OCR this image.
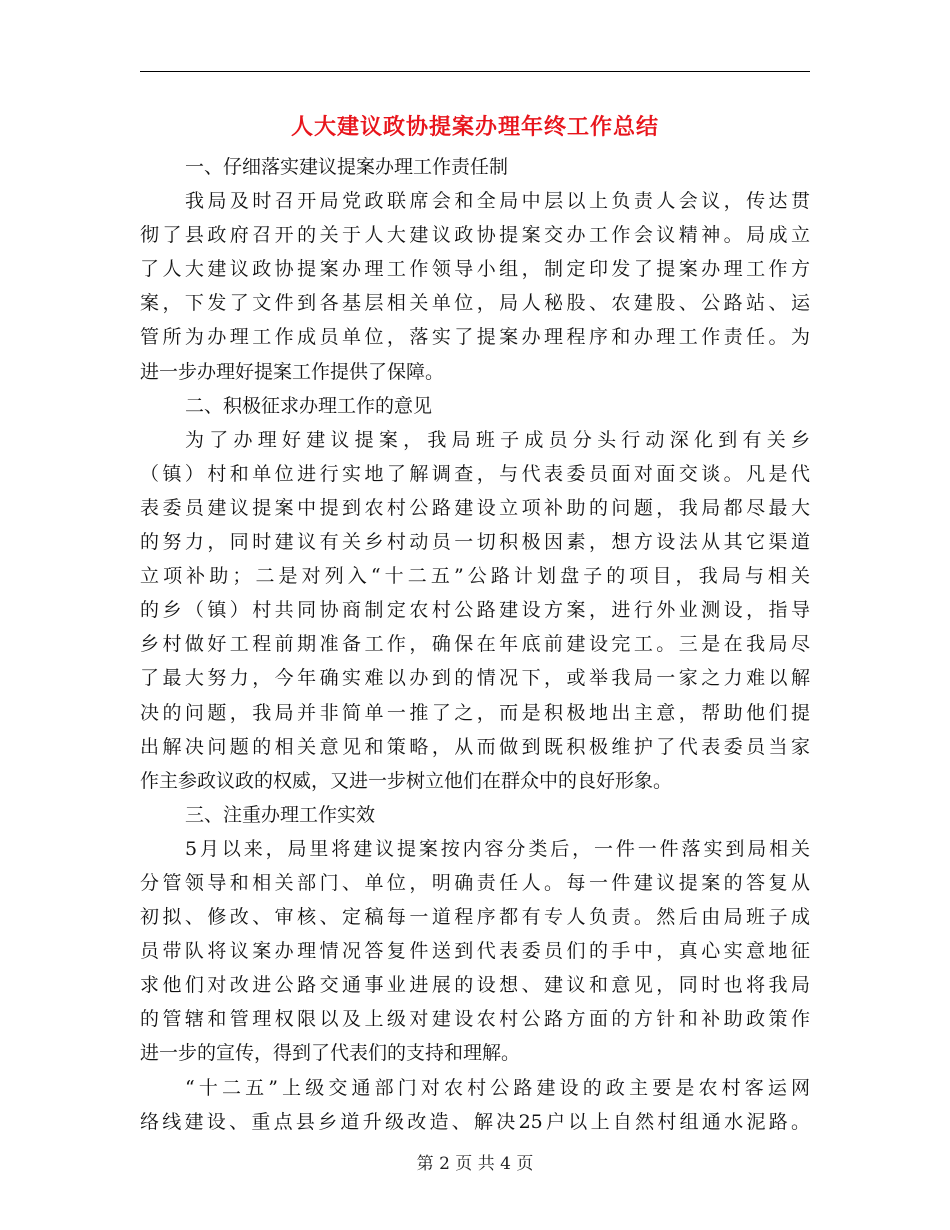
人大建议政协提案办理年终工作总结
一、仔细落实建议提案办理工作责任制
我局及时召开局党政联席会和全局中层以上负责人会议，传达贯
彻了县政府召开的关于人大建议政协提案交办工作会议精神。局成立
了人大建议政协提案办理工作领导小组，制定印发了提案办理工作方
案，下发了文件到各基层相关单位，局人秘股、农建股、公路站、运
管所为办理工作成员单位，落实了提案办理程序和办理工作责任。为
进一步办理好提案工作提供了保障。
二、积极征求办理工作的意见
为了办理好建议提案，我局班子成员分头行动深化到有关乡
（镇）村和单位进行实地了解调查，与代表委员面对面交谈。凡是代
表委员建议提案中提到农村公路建设立项补助的问题，我局都尽最大
的努力，同时建议有关乡村动员一切积极因素，想方设法从其它渠道
立项补助；二是对列入“十二五”公路计划盘子的项目，我局与相关
的乡（镇）村共同协商制定农村公路建设方案，进行外业测设，指导
乡村做好工程前期准备工作，确保在年底前建设完工。三是在我局尽
了最大努力，今年确实难以办到的情况下，或举我局一家之力难以解
决的问题，我局并非简单一推了之，而是积极地出主意，帮助他们提
出解决问题的相关意见和策略，从而做到既积极维护了代表委员当家
作主参政议政的权威，又进一步树立他们在群众中的良好形象。
三、注重办理工作实效
5月以来，局里将建议提案按内容分类后，一件一件落实到局相关
分管领导和相关部门、单位，明确责任人。每一件建议提案的答复从
初拟、修改、审核、定稿每一道程序都有专人负责。然后由局班子成
员带队将议案办理情况答复件送到代表委员们的手中，真心实意地征
求他们对改进公路交通事业进展的设想、建议和意见，同时也将我局
的管辖和管理权限以及上级对建设农村公路方面的方针和补助政策作
进一步的宣传，得到了代表们的支持和理解。
“十二五”上级交通部门对农村公路建设的政主要是农村客运网
络线建设、重点县乡道升级改造、解决25户以上自然村组通水泥路。
第 2 页 共 4 页
